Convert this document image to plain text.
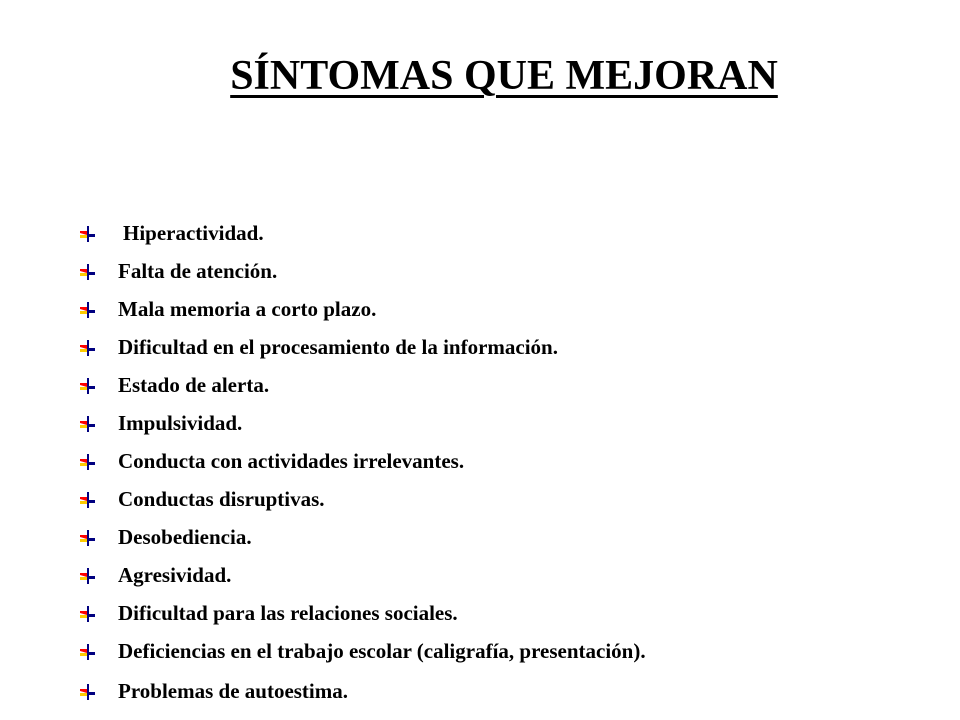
SÍNTOMAS QUE MEJORAN
Hiperactividad.
Falta de atención.
Mala memoria a corto plazo.
Dificultad en el procesamiento de la información.
Estado de alerta.
Impulsividad.
Conducta con actividades irrelevantes.
Conductas disruptivas.
Desobediencia.
Agresividad.
Dificultad para las relaciones sociales.
Deficiencias en el trabajo escolar (caligrafía, presentación).
Problemas de autoestima.
